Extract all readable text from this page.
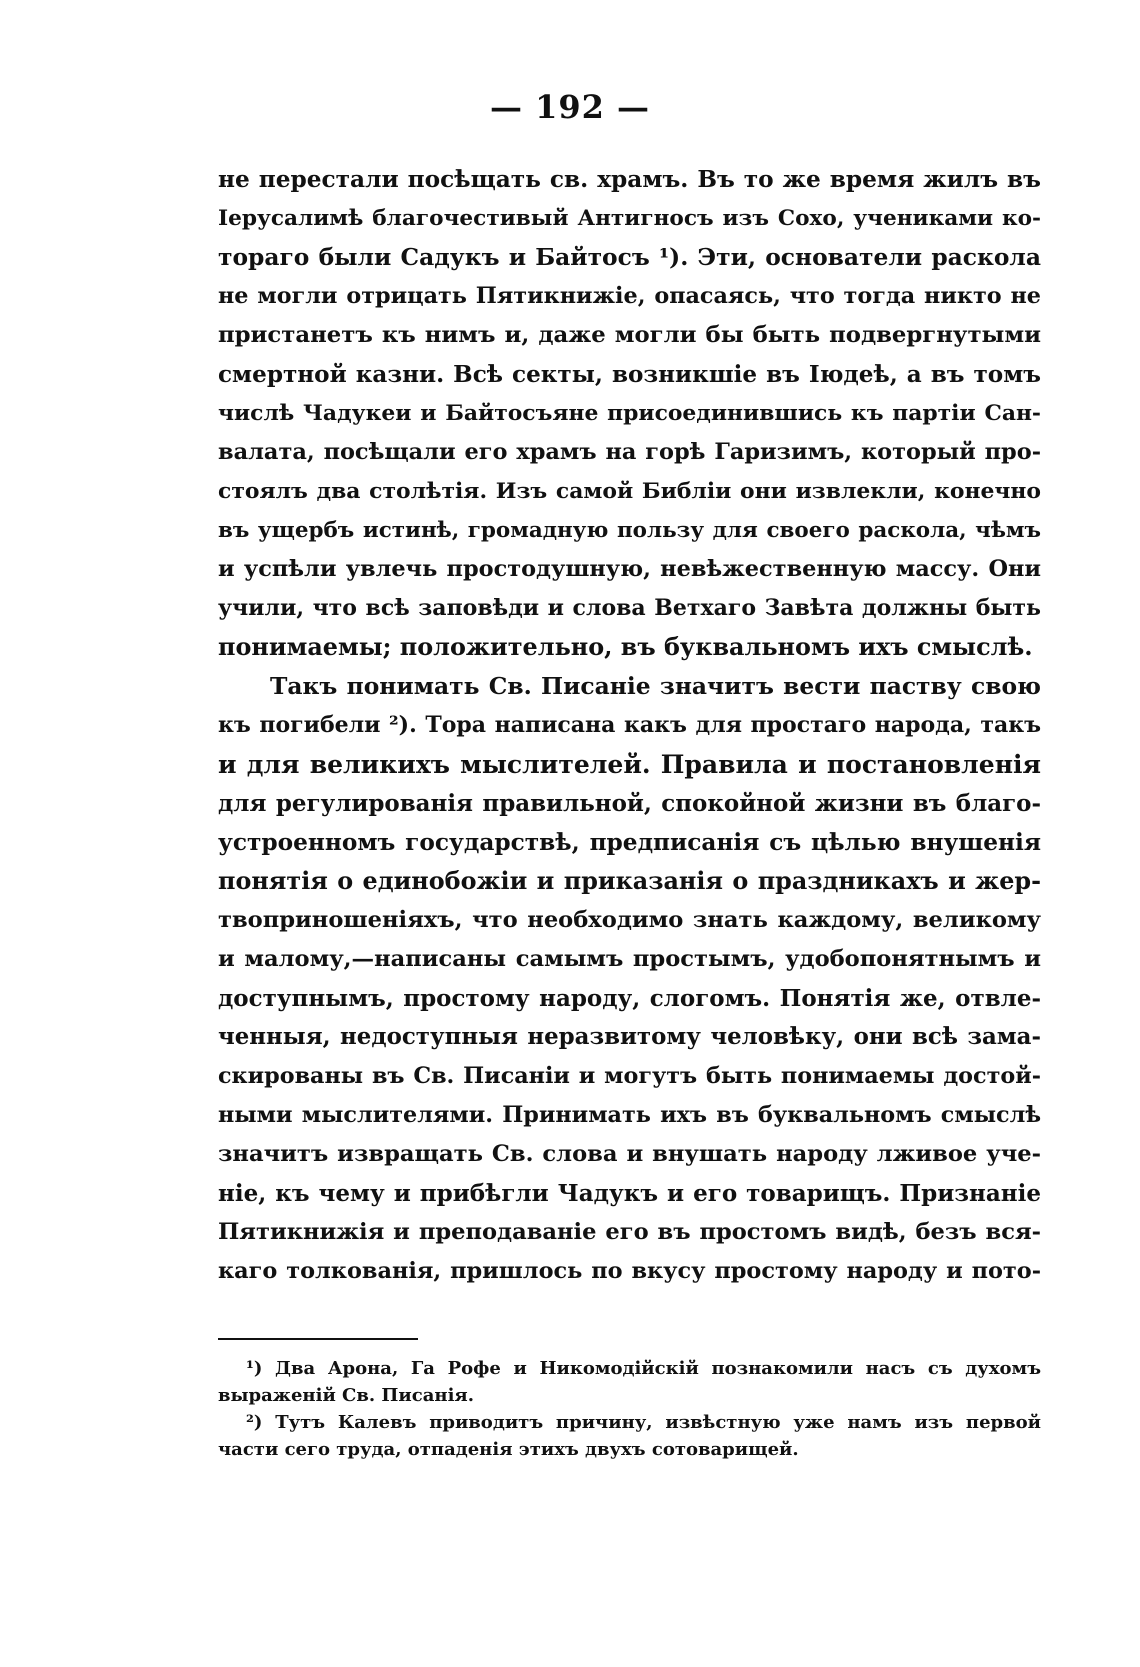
— 192 —
не перестали посѣщать св. храмъ. Въ то же время жилъ въ
Іерусалимѣ благочестивый Антигносъ изъ Сохо, учениками ко-
тораго были Садукъ и Байтосъ ¹). Эти, основатели раскола
не могли отрицать Пятикнижіе, опасаясь, что тогда никто не
пристанетъ къ нимъ и, даже могли бы быть подвергнутыми
смертной казни. Всѣ секты, возникшіе въ Іюдеѣ, а въ томъ
числѣ Чадукеи и Байтосъяне присоединившись къ партіи Сан-
валата, посѣщали его храмъ на горѣ Гаризимъ, который про-
стоялъ два столѣтія. Изъ самой Библіи они извлекли, конечно
въ ущербъ истинѣ, громадную пользу для своего раскола, чѣмъ
и успѣли увлечь простодушную, невѣжественную массу. Они
учили, что всѣ заповѣди и слова Ветхаго Завѣта должны быть
понимаемы; положительно, въ буквальномъ ихъ смыслѣ.
Такъ понимать Св. Писаніе значитъ вести паству свою
къ погибели ²). Тора написана какъ для простаго народа, такъ
и для великихъ мыслителей. Правила и постановленія
для регулированія правильной, спокойной жизни въ благо-
устроенномъ государствѣ, предписанія съ цѣлью внушенія
понятія о единобожіи и приказанія о праздникахъ и жер-
твоприношеніяхъ, что необходимо знать каждому, великому
и малому,—написаны самымъ простымъ, удобопонятнымъ и
доступнымъ, простому народу, слогомъ. Понятія же, отвле-
ченныя, недоступныя неразвитому человѣку, они всѣ зама-
скированы въ Св. Писаніи и могутъ быть понимаемы достой-
ными мыслителями. Принимать ихъ въ буквальномъ смыслѣ
значитъ извращать Св. слова и внушать народу лживое уче-
ніе, къ чему и прибѣгли Чадукъ и его товарищъ. Признаніе
Пятикнижія и преподаваніе его въ простомъ видѣ, безъ вся-
каго толкованія, пришлось по вкусу простому народу и пото-
¹) Два Арона, Га Рофе и Никомодійскій познакомили насъ съ духомъ
выраженій Св. Писанія.
²) Тутъ Калевъ приводитъ причину, извѣстную уже намъ изъ первой
части сего труда, отпаденія этихъ двухъ сотоварищей.
